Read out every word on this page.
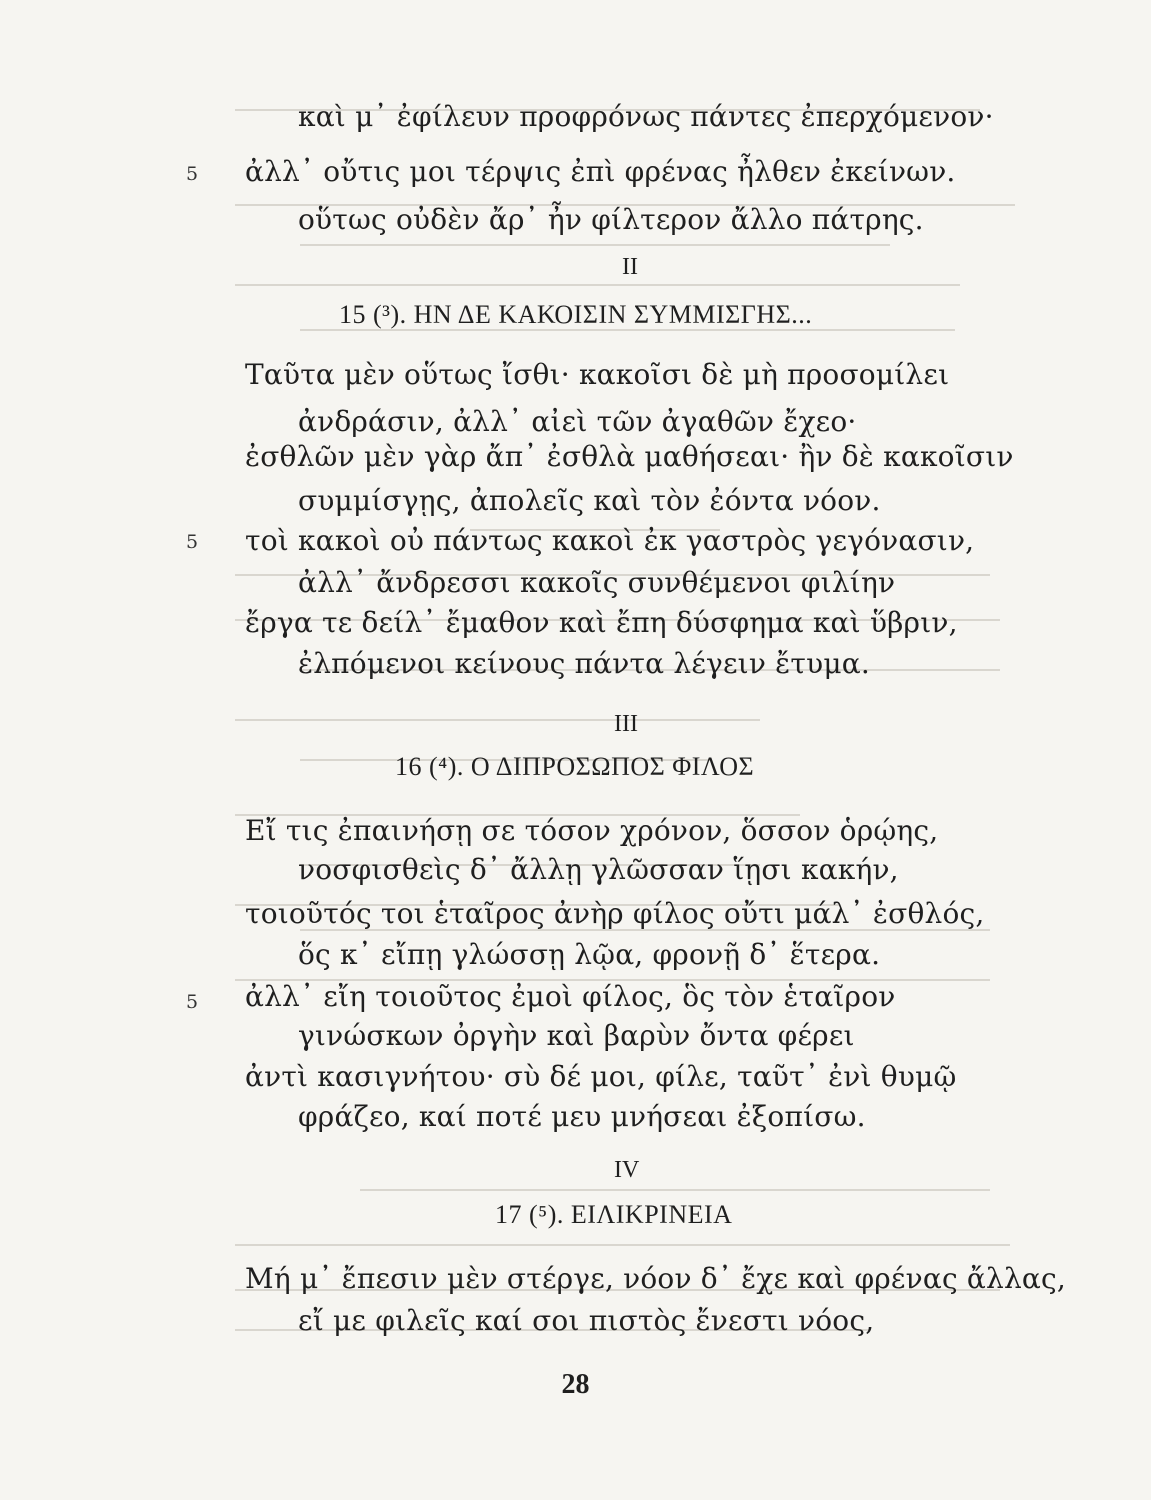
καὶ μ᾽ ἐφίλευν προφρόνως πάντες ἐπερχόμενον·
5 ἀλλ᾽ οὔτις μοι τέρψις ἐπὶ φρένας ἦλθεν ἐκείνων.
οὕτως οὐδὲν ἄρ᾽ ἦν φίλτερον ἄλλο πάτρης.
II
15 (³). ΗΝ ΔΕ ΚΑΚΟΙΣΙΝ ΣΥΜΜΙΣΓΗΣ...
Ταῦτα μὲν οὕτως ἴσθι· κακοῖσι δὲ μὴ προσομίλει
ἀνδράσιν, ἀλλ᾽ αἰεὶ τῶν ἀγαθῶν ἔχεο·
ἐσθλῶν μὲν γὰρ ἄπ᾽ ἐσθλὰ μαθήσεαι· ἢν δὲ κακοῖσιν
συμμίσγῃς, ἀπολεῖς καὶ τὸν ἐόντα νόον.
5 τοὶ κακοὶ οὐ πάντως κακοὶ ἐκ γαστρὸς γεγόνασιν,
ἀλλ᾽ ἄνδρεσσι κακοῖς συνθέμενοι φιλίην
ἔργα τε δείλ᾽ ἔμαθον καὶ ἔπη δύσφημα καὶ ὕβριν,
ἐλπόμενοι κείνους πάντα λέγειν ἔτυμα.
III
16 (⁴). Ο ΔΙΠΡΟΣΩΠΟΣ ΦΙΛΟΣ
Εἴ τις ἐπαινήσῃ σε τόσον χρόνον, ὅσσον ὁρῴης,
νοσφισθεὶς δ᾽ ἄλλῃ γλῶσσαν ἵῃσι κακήν,
τοιοῦτός τοι ἑταῖρος ἀνὴρ φίλος οὔτι μάλ᾽ ἐσθλός,
ὅς κ᾽ εἴπῃ γλώσσῃ λῷα, φρονῇ δ᾽ ἕτερα.
5 ἀλλ᾽ εἴη τοιοῦτος ἐμοὶ φίλος, ὃς τὸν ἑταῖρον
γινώσκων ὀργὴν καὶ βαρὺν ὄντα φέρει
ἀντὶ κασιγνήτου· σὺ δέ μοι, φίλε, ταῦτ᾽ ἐνὶ θυμῷ
φράζεο, καί ποτέ μευ μνήσεαι ἐξοπίσω.
IV
17 (⁵). ΕΙΛΙΚΡΙΝΕΙΑ
Μή μ᾽ ἔπεσιν μὲν στέργε, νόον δ᾽ ἔχε καὶ φρένας ἄλλας,
εἴ με φιλεῖς καί σοι πιστὸς ἔνεστι νόος,
28
